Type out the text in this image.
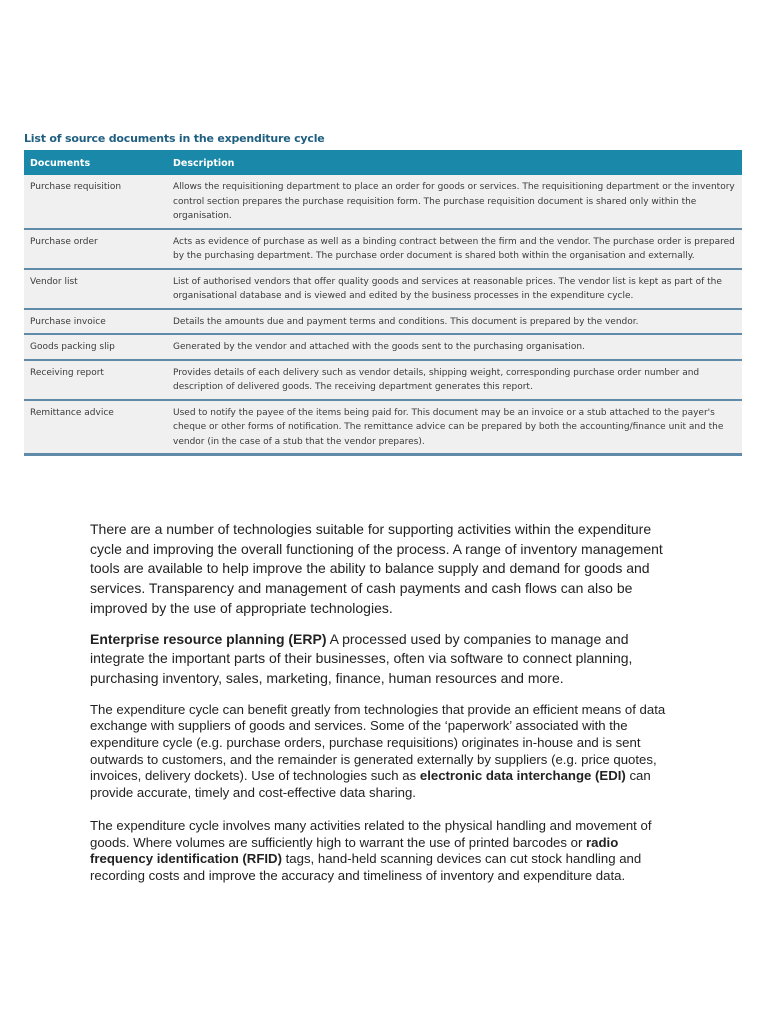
List of source documents in the expenditure cycle
Documents	Description
Purchase requisition	Allows the requisitioning department to place an order for goods or services. The requisitioning department or the inventory control section prepares the purchase requisition form. The purchase requisition document is shared only within the organisation.
Purchase order	Acts as evidence of purchase as well as a binding contract between the firm and the vendor. The purchase order is prepared by the purchasing department. The purchase order document is shared both within the organisation and externally.
Vendor list	List of authorised vendors that offer quality goods and services at reasonable prices. The vendor list is kept as part of the organisational database and is viewed and edited by the business processes in the expenditure cycle.
Purchase invoice	Details the amounts due and payment terms and conditions. This document is prepared by the vendor.
Goods packing slip	Generated by the vendor and attached with the goods sent to the purchasing organisation.
Receiving report	Provides details of each delivery such as vendor details, shipping weight, corresponding purchase order number and description of delivered goods. The receiving department generates this report.
Remittance advice	Used to notify the payee of the items being paid for. This document may be an invoice or a stub attached to the payer's cheque or other forms of notification. The remittance advice can be prepared by both the accounting/finance unit and the vendor (in the case of a stub that the vendor prepares).

There are a number of technologies suitable for supporting activities within the expenditure cycle and improving the overall functioning of the process. A range of inventory management tools are available to help improve the ability to balance supply and demand for goods and services. Transparency and management of cash payments and cash flows can also be improved by the use of appropriate technologies.

Enterprise resource planning (ERP) A processed used by companies to manage and integrate the important parts of their businesses, often via software to connect planning, purchasing inventory, sales, marketing, finance, human resources and more.

The expenditure cycle can benefit greatly from technologies that provide an efficient means of data exchange with suppliers of goods and services. Some of the ‘paperwork’ associated with the expenditure cycle (e.g. purchase orders, purchase requisitions) originates in-house and is sent outwards to customers, and the remainder is generated externally by suppliers (e.g. price quotes, invoices, delivery dockets). Use of technologies such as electronic data interchange (EDI) can provide accurate, timely and cost-effective data sharing.

The expenditure cycle involves many activities related to the physical handling and movement of goods. Where volumes are sufficiently high to warrant the use of printed barcodes or radio frequency identification (RFID) tags, hand-held scanning devices can cut stock handling and recording costs and improve the accuracy and timeliness of inventory and expenditure data.
